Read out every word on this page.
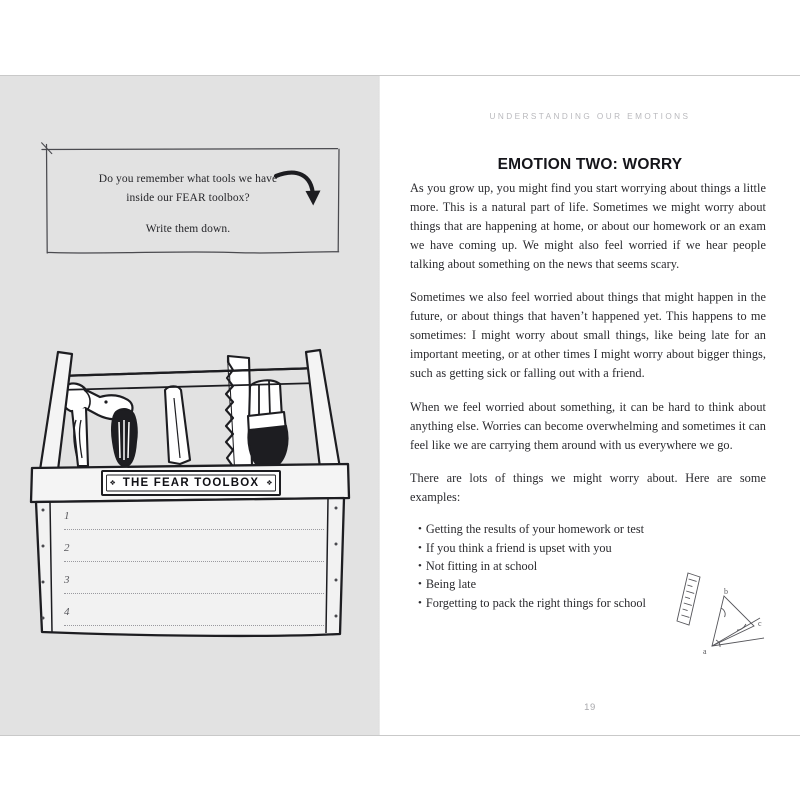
Do you remember what tools we have
inside our FEAR toolbox?
Write them down.
❖ THE FEAR TOOLBOX ❖
1
2
3
4
UNDERSTANDING OUR EMOTIONS
EMOTION TWO: WORRY

As you grow up, you might find you start worrying about things a little more. This is a natural part of life. Sometimes we might worry about things that are happening at home, or about our homework or an exam we have coming up. We might also feel worried if we hear people talking about something on the news that seems scary.

Sometimes we also feel worried about things that might happen in the future, or about things that haven’t happened yet. This happens to me sometimes: I might worry about small things, like being late for an important meeting, or at other times I might worry about bigger things, such as getting sick or falling out with a friend.

When we feel worried about something, it can be hard to think about anything else. Worries can become overwhelming and sometimes it can feel like we are carrying them around with us everywhere we go.

There are lots of things we might worry about. Here are some examples:

• Getting the results of your homework or test
• If you think a friend is upset with you
• Not fitting in at school
• Being late
• Forgetting to pack the right things for school
b
c
a
19
